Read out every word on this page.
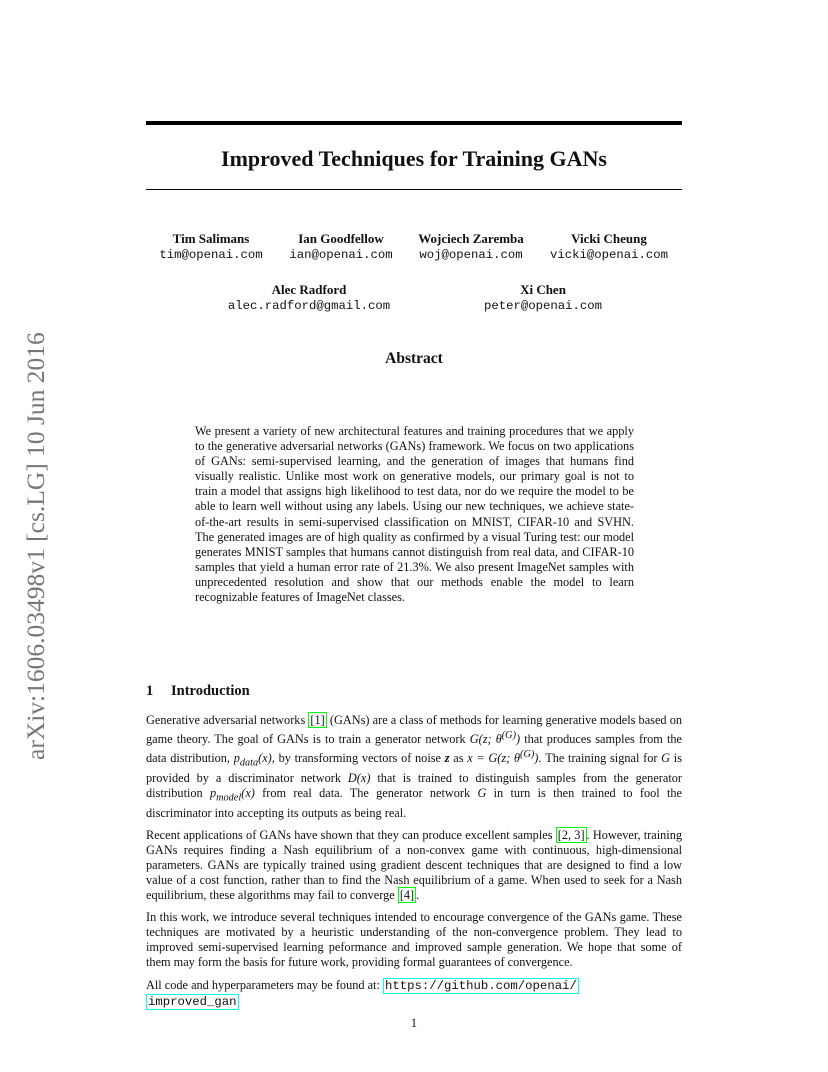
arXiv:1606.03498v1 [cs.LG] 10 Jun 2016
Improved Techniques for Training GANs
Tim Salimans
tim@openai.com
Ian Goodfellow
ian@openai.com
Wojciech Zaremba
woj@openai.com
Vicki Cheung
vicki@openai.com
Alec Radford
alec.radford@gmail.com
Xi Chen
peter@openai.com
Abstract
We present a variety of new architectural features and training procedures that we apply to the generative adversarial networks (GANs) framework. We focus on two applications of GANs: semi-supervised learning, and the generation of images that humans find visually realistic. Unlike most work on generative models, our primary goal is not to train a model that assigns high likelihood to test data, nor do we require the model to be able to learn well without using any labels. Using our new techniques, we achieve state-of-the-art results in semi-supervised classification on MNIST, CIFAR-10 and SVHN. The generated images are of high quality as confirmed by a visual Turing test: our model generates MNIST samples that humans cannot distinguish from real data, and CIFAR-10 samples that yield a human error rate of 21.3%. We also present ImageNet samples with unprecedented resolution and show that our methods enable the model to learn recognizable features of ImageNet classes.
1 Introduction

Generative adversarial networks [1] (GANs) are a class of methods for learning generative models based on game theory. The goal of GANs is to train a generator network G(z; $\theta^{(G)}$) that produces samples from the data distribution, $p_{data}(x)$, by transforming vectors of noise z as x = G(z; $\theta^{(G)}$). The training signal for G is provided by a discriminator network D(x) that is trained to distinguish samples from the generator distribution $p_{model}(x)$ from real data. The generator network G in turn is then trained to fool the discriminator into accepting its outputs as being real.

Recent applications of GANs have shown that they can produce excellent samples [2, 3] . However, training GANs requires finding a Nash equilibrium of a non-convex game with continuous, high-dimensional parameters. GANs are typically trained using gradient descent techniques that are designed to find a low value of a cost function, rather than to find the Nash equilibrium of a game. When used to seek for a Nash equilibrium, these algorithms may fail to converge [4] .

In this work, we introduce several techniques intended to encourage convergence of the GANs game. These techniques are motivated by a heuristic understanding of the non-convergence problem. They lead to improved semi-supervised learning peformance and improved sample generation. We hope that some of them may form the basis for future work, providing formal guarantees of convergence.

All code and hyperparameters may be found at: https://github.com/openai/
improved_gan

1
